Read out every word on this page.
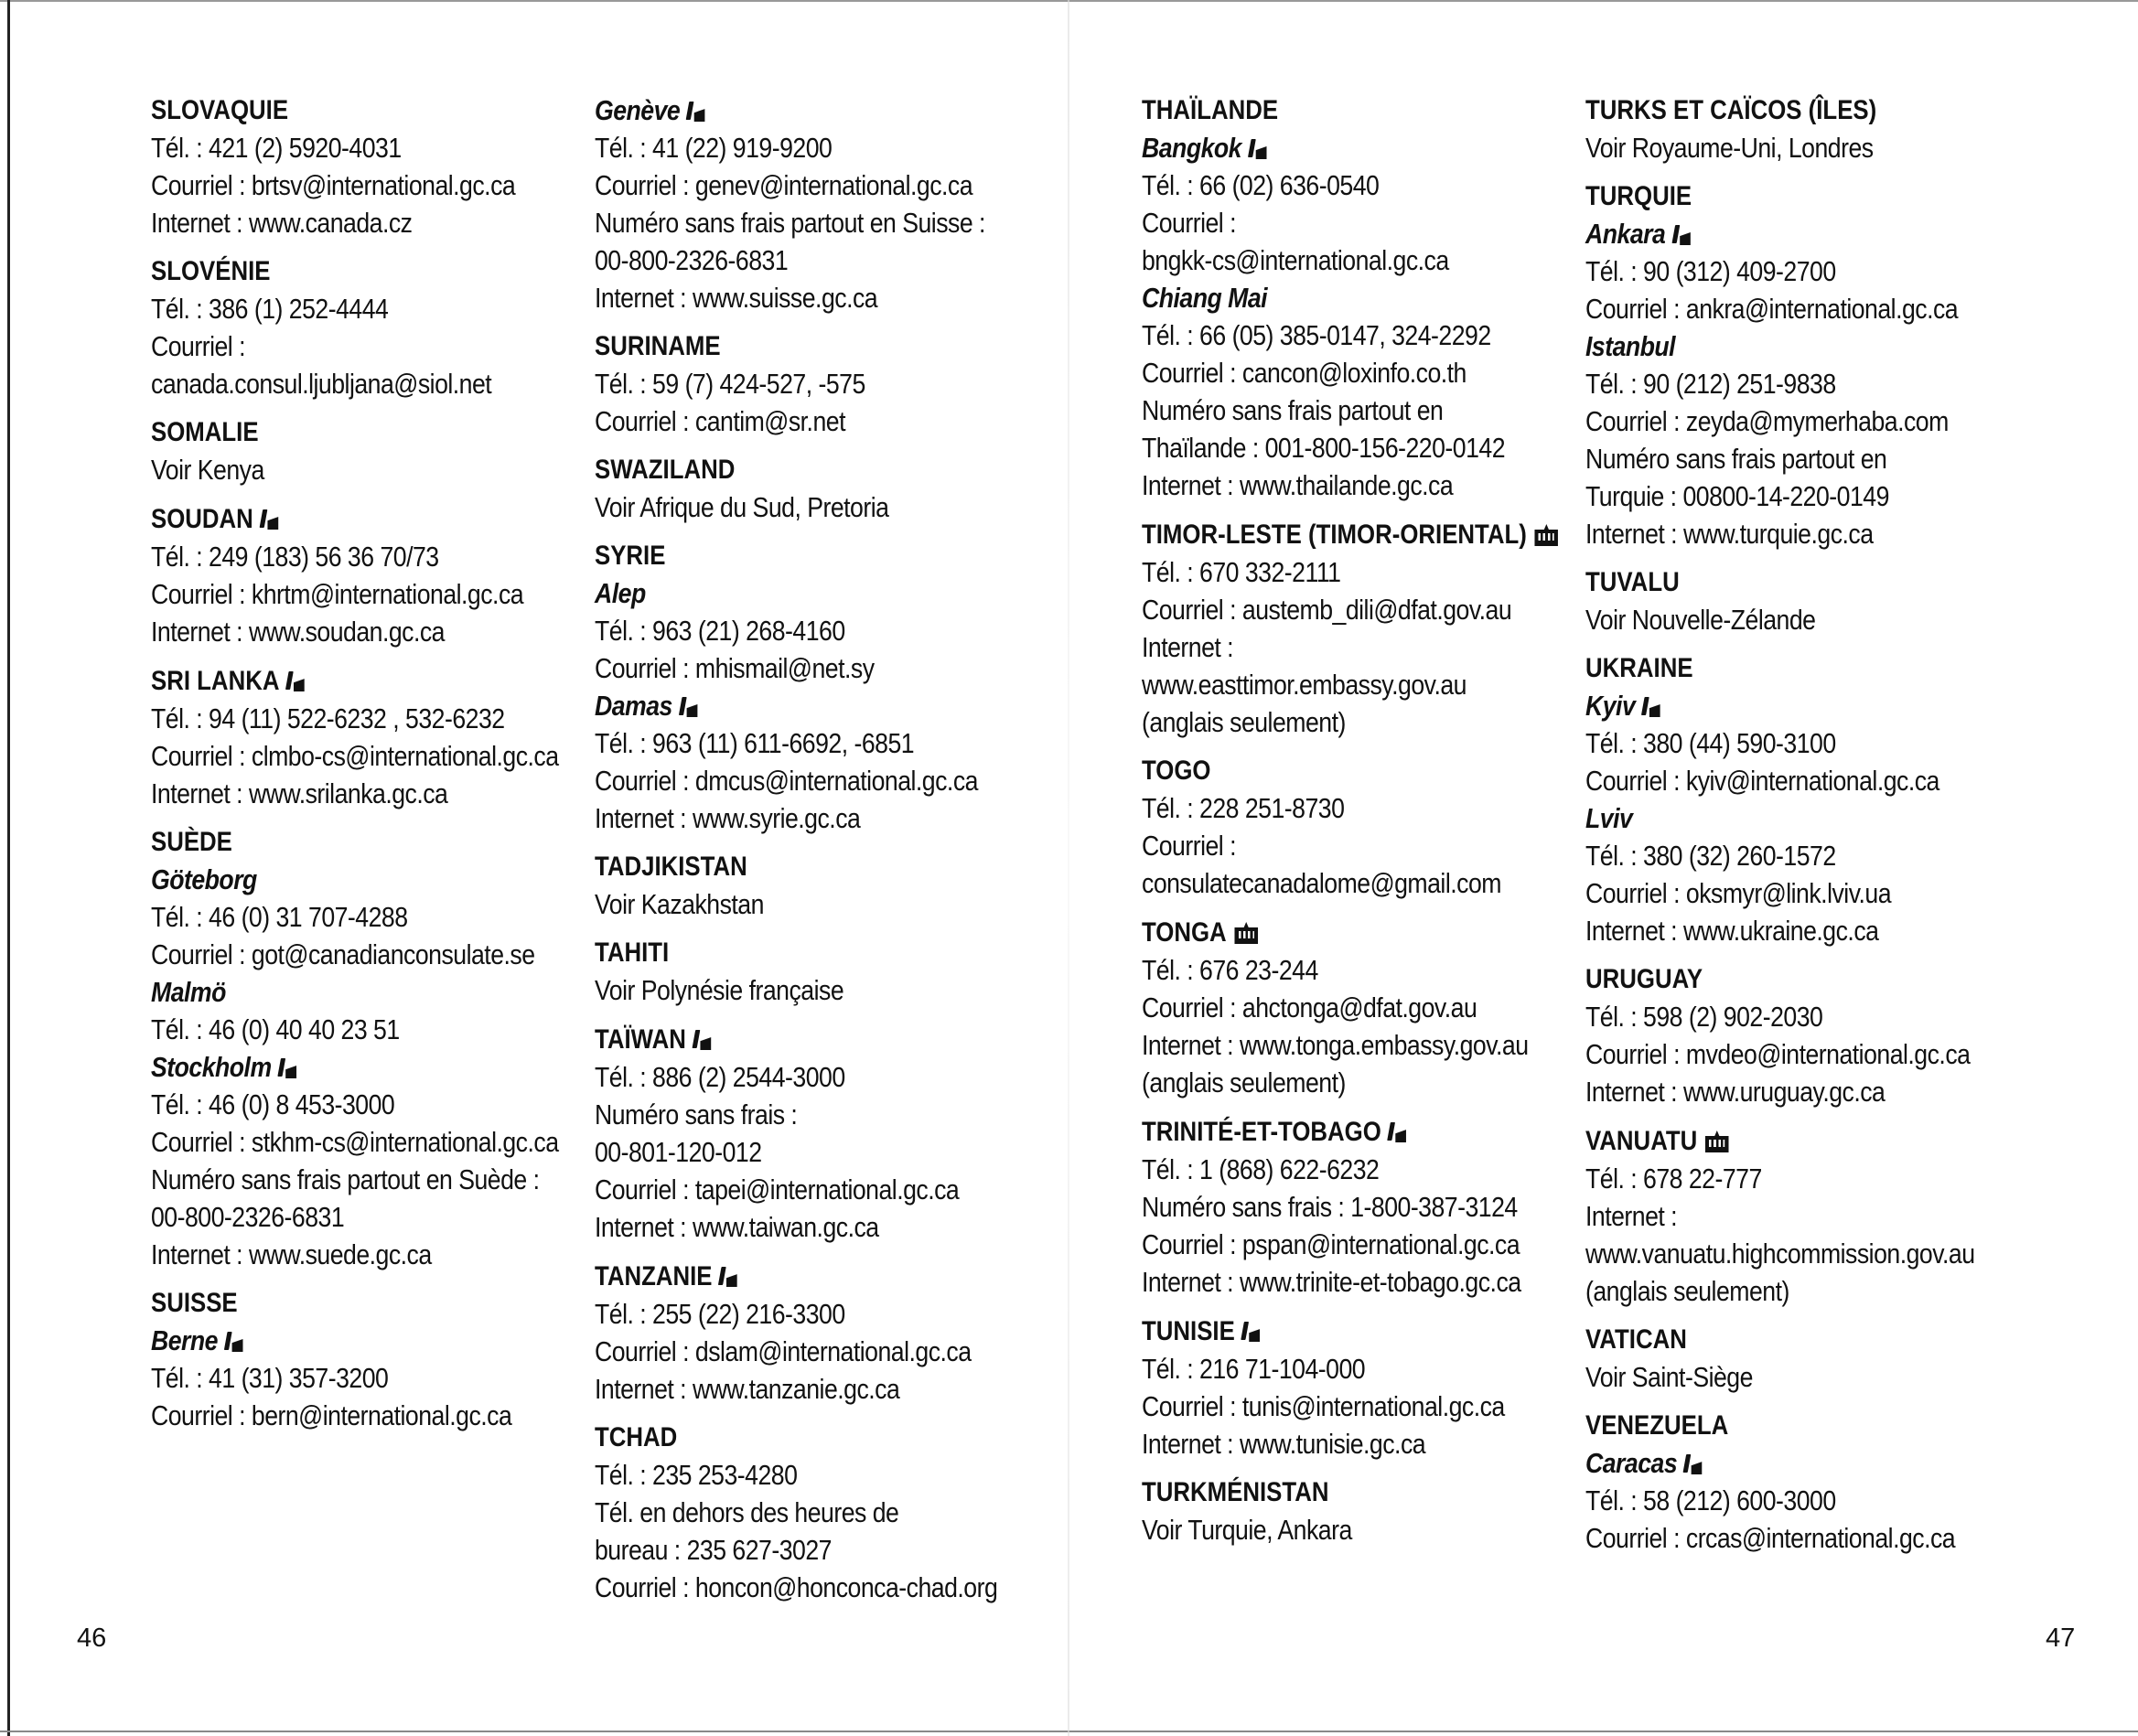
SLOVAQUIE
Tél. : 421 (2) 5920-4031
Courriel : brtsv@international.gc.ca
Internet : www.canada.cz
SLOVÉNIE
Tél. : 386 (1) 252-4444
Courriel :
canada.consul.ljubljana@siol.net
SOMALIE
Voir Kenya
SOUDAN
Tél. : 249 (183) 56 36 70/73
Courriel : khrtm@international.gc.ca
Internet : www.soudan.gc.ca
SRI LANKA
Tél. : 94 (11) 522-6232 , 532-6232
Courriel : clmbo-cs@international.gc.ca
Internet : www.srilanka.gc.ca
SUÈDE
Göteborg
Tél. : 46 (0) 31 707-4288
Courriel : got@canadianconsulate.se
Malmö
Tél. : 46 (0) 40 40 23 51
Stockholm
Tél. : 46 (0) 8 453-3000
Courriel : stkhm-cs@international.gc.ca
Numéro sans frais partout en Suède :
00-800-2326-6831
Internet : www.suede.gc.ca
SUISSE
Berne
Tél. : 41 (31) 357-3200
Courriel : bern@international.gc.ca
Genève
Tél. : 41 (22) 919-9200
Courriel : genev@international.gc.ca
Numéro sans frais partout en Suisse :
00-800-2326-6831
Internet : www.suisse.gc.ca
SURINAME
Tél. : 59 (7) 424-527, -575
Courriel : cantim@sr.net
SWAZILAND
Voir Afrique du Sud, Pretoria
SYRIE
Alep
Tél. : 963 (21) 268-4160
Courriel : mhismail@net.sy
Damas
Tél. : 963 (11) 611-6692, -6851
Courriel : dmcus@international.gc.ca
Internet : www.syrie.gc.ca
TADJIKISTAN
Voir Kazakhstan
TAHITI
Voir Polynésie française
TAÏWAN
Tél. : 886 (2) 2544-3000
Numéro sans frais :
00-801-120-012
Courriel : tapei@international.gc.ca
Internet : www.taiwan.gc.ca
TANZANIE
Tél. : 255 (22) 216-3300
Courriel : dslam@international.gc.ca
Internet : www.tanzanie.gc.ca
TCHAD
Tél. : 235 253-4280
Tél. en dehors des heures de
bureau : 235 627-3027
Courriel : honcon@honconca-chad.org
THAÏLANDE
Bangkok
Tél. : 66 (02) 636-0540
Courriel :
bngkk-cs@international.gc.ca
Chiang Mai
Tél. : 66 (05) 385-0147, 324-2292
Courriel : cancon@loxinfo.co.th
Numéro sans frais partout en
Thaïlande : 001-800-156-220-0142
Internet : www.thailande.gc.ca
TIMOR-LESTE (TIMOR-ORIENTAL)
Tél. : 670 332-2111
Courriel : austemb_dili@dfat.gov.au
Internet :
www.easttimor.embassy.gov.au
(anglais seulement)
TOGO
Tél. : 228 251-8730
Courriel :
consulatecanadalome@gmail.com
TONGA
Tél. : 676 23-244
Courriel : ahctonga@dfat.gov.au
Internet : www.tonga.embassy.gov.au
(anglais seulement)
TRINITÉ-ET-TOBAGO
Tél. : 1 (868) 622-6232
Numéro sans frais : 1-800-387-3124
Courriel : pspan@international.gc.ca
Internet : www.trinite-et-tobago.gc.ca
TUNISIE
Tél. : 216 71-104-000
Courriel : tunis@international.gc.ca
Internet : www.tunisie.gc.ca
TURKMÉNISTAN
Voir Turquie, Ankara
TURKS ET CAÏCOS (ÎLES)
Voir Royaume-Uni, Londres
TURQUIE
Ankara
Tél. : 90 (312) 409-2700
Courriel : ankra@international.gc.ca
Istanbul
Tél. : 90 (212) 251-9838
Courriel : zeyda@mymerhaba.com
Numéro sans frais partout en
Turquie : 00800-14-220-0149
Internet : www.turquie.gc.ca
TUVALU
Voir Nouvelle-Zélande
UKRAINE
Kyiv
Tél. : 380 (44) 590-3100
Courriel : kyiv@international.gc.ca
Lviv
Tél. : 380 (32) 260-1572
Courriel : oksmyr@link.lviv.ua
Internet : www.ukraine.gc.ca
URUGUAY
Tél. : 598 (2) 902-2030
Courriel : mvdeo@international.gc.ca
Internet : www.uruguay.gc.ca
VANUATU
Tél. : 678 22-777
Internet :
www.vanuatu.highcommission.gov.au
(anglais seulement)
VATICAN
Voir Saint-Siège
VENEZUELA
Caracas
Tél. : 58 (212) 600-3000
Courriel : crcas@international.gc.ca
46	47
